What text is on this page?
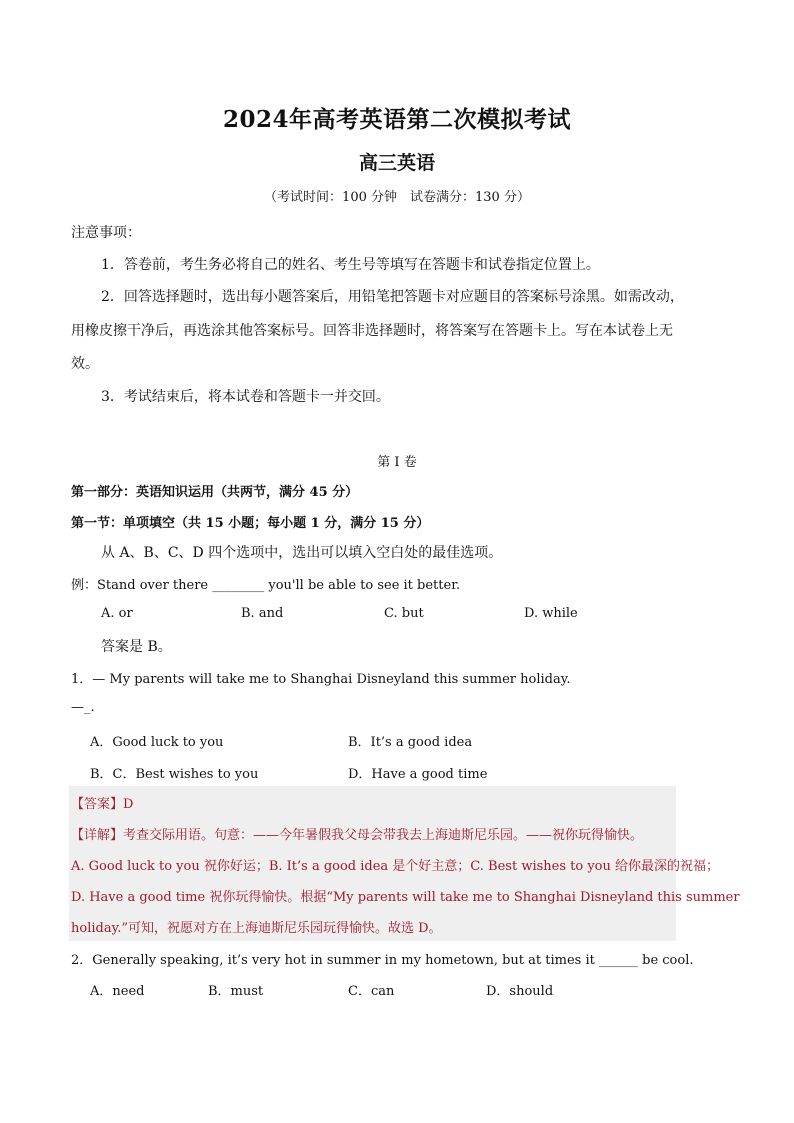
2024年高考英语第二次模拟考试
高三英语
（考试时间：100 分钟　试卷满分：130 分）
注意事项：
1．答卷前，考生务必将自己的姓名、考生号等填写在答题卡和试卷指定位置上。
2．回答选择题时，选出每小题答案后，用铅笔把答题卡对应题目的答案标号涂黑。如需改动，
用橡皮擦干净后，再选涂其他答案标号。回答非选择题时，将答案写在答题卡上。写在本试卷上无
效。
3．考试结束后，将本试卷和答题卡一并交回。
第 I 卷
第一部分：英语知识运用（共两节，满分 45 分）
第一节：单项填空（共 15 小题；每小题 1 分，满分 15 分）
从 A、B、C、D 四个选项中，选出可以填入空白处的最佳选项。
例：Stand over there ________ you'll be able to see it better.
A. or	B. and	C. but	D. while
答案是 B。
1．— My parents will take me to Shanghai Disneyland this summer holiday.
—_.
A．Good luck to you	B．It’s a good idea
B．C．Best wishes to you	D．Have a good time
【答案】D
【详解】考查交际用语。句意：——今年暑假我父母会带我去上海迪斯尼乐园。——祝你玩得愉快。
A. Good luck to you 祝你好运；B. It’s a good idea 是个好主意；C. Best wishes to you 给你最深的祝福；
D. Have a good time 祝你玩得愉快。根据“My parents will take me to Shanghai Disneyland this summer
holiday.”可知，祝愿对方在上海迪斯尼乐园玩得愉快。故选 D。
2．Generally speaking, it’s very hot in summer in my hometown, but at times it ______ be cool.
A．need	B．must	C．can	D．should
